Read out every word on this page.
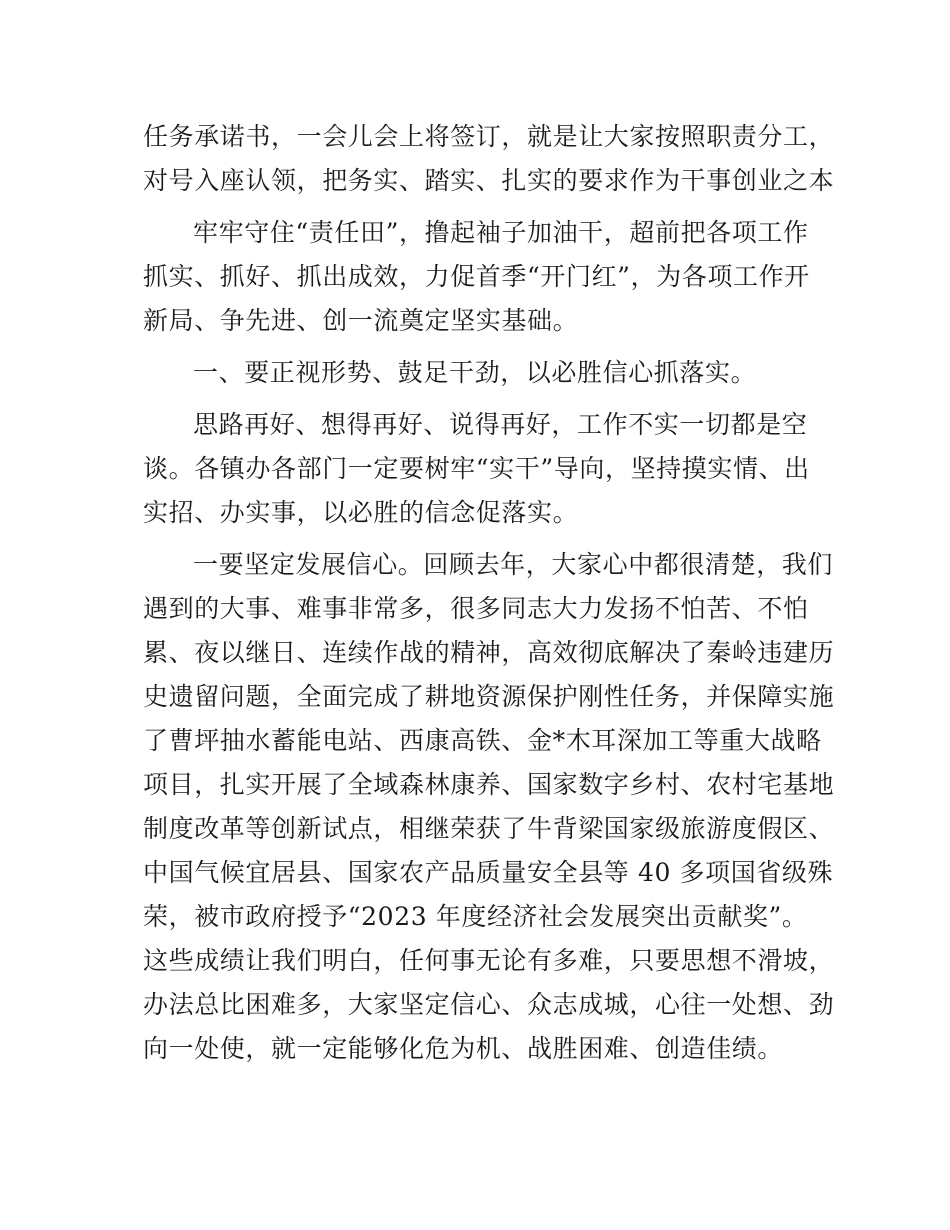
任务承诺书，一会儿会上将签订，就是让大家按照职责分工，

对号入座认领，把务实、踏实、扎实的要求作为干事创业之本

牢牢守住“责任田”，撸起袖子加油干，超前把各项工作

抓实、抓好、抓出成效，力促首季“开门红”，为各项工作开

新局、争先进、创一流奠定坚实基础。

一、要正视形势、鼓足干劲，以必胜信心抓落实。

思路再好、想得再好、说得再好，工作不实一切都是空

谈。各镇办各部门一定要树牢“实干”导向，坚持摸实情、出

实招、办实事，以必胜的信念促落实。

一要坚定发展信心。回顾去年，大家心中都很清楚，我们

遇到的大事、难事非常多，很多同志大力发扬不怕苦、不怕

累、夜以继日、连续作战的精神，高效彻底解决了秦岭违建历

史遗留问题，全面完成了耕地资源保护刚性任务，并保障实施

了曹坪抽水蓄能电站、西康高铁、金*木耳深加工等重大战略

项目，扎实开展了全域森林康养、国家数字乡村、农村宅基地

制度改革等创新试点，相继荣获了牛背梁国家级旅游度假区、

中国气候宜居县、国家农产品质量安全县等 40 多项国省级殊

荣，被市政府授予“2023 年度经济社会发展突出贡献奖”。

这些成绩让我们明白，任何事无论有多难，只要思想不滑坡，

办法总比困难多，大家坚定信心、众志成城，心往一处想、劲

向一处使，就一定能够化危为机、战胜困难、创造佳绩。
